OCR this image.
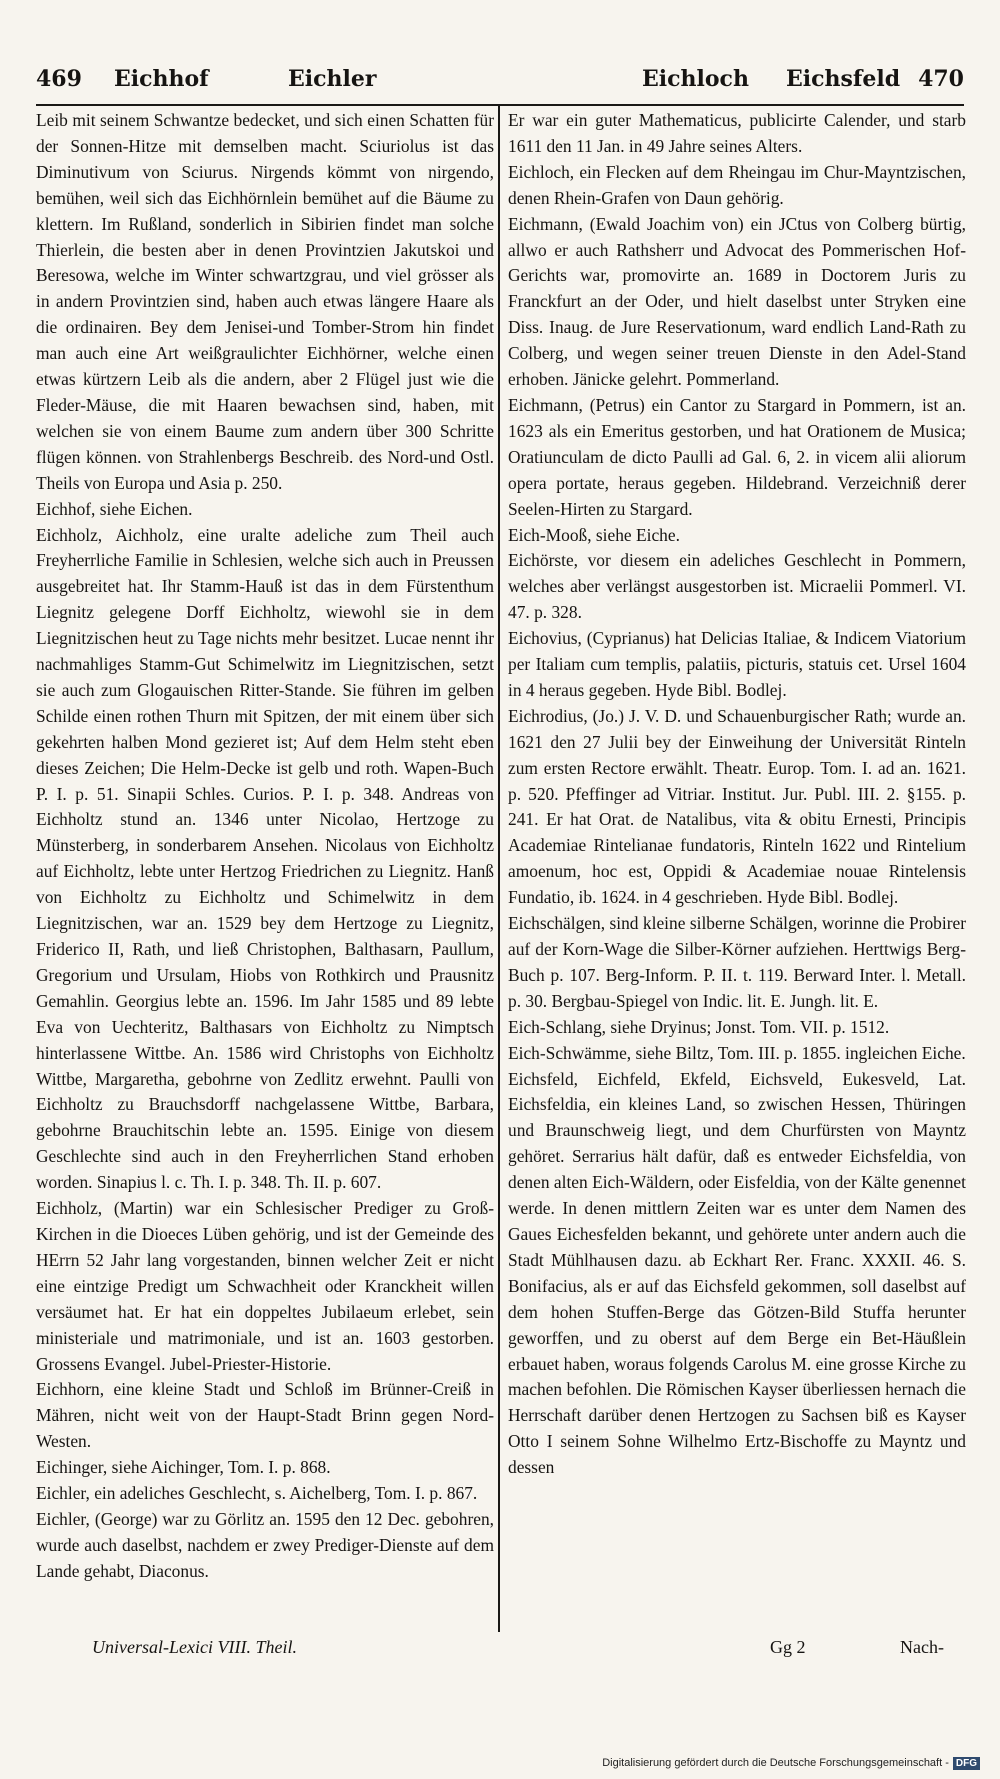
469 Eichhof	Eichler	Eichloch Eichsfeld 470

Leib mit seinem Schwantze bedecket, und sich einen Schatten für der Sonnen-Hitze mit demselben macht. Sciuriolus ist das Diminutivum von Sciurus. Nirgends kömmt von nirgendo, bemühen, weil sich das Eichhörnlein bemühet auf die Bäume zu klettern. Im Rußland, sonderlich in Sibirien findet man solche Thierlein, die besten aber in denen Provintzien Jakutskoi und Beresowa, welche im Winter schwartzgrau, und viel grösser als in andern Provintzien sind, haben auch etwas längere Haare als die ordinairen. Bey dem Jenisei-und Tomber-Strom hin findet man auch eine Art weißgraulichter Eichhörner, welche einen etwas kürtzern Leib als die andern, aber 2 Flügel just wie die Fleder-Mäuse, die mit Haaren bewachsen sind, haben, mit welchen sie von einem Baume zum andern über 300 Schritte flügen können. von Strahlenbergs Beschreib. des Nord-und Ostl. Theils von Europa und Asia p. 250.

Eichhof, siehe Eichen.

Eichholz, Aichholz, eine uralte adeliche zum Theil auch Freyherrliche Familie in Schlesien, welche sich auch in Preussen ausgebreitet hat. Ihr Stamm-Hauß ist das in dem Fürstenthum Liegnitz gelegene Dorff Eichholtz, wiewohl sie in dem Liegnitzischen heut zu Tage nichts mehr besitzet. Lucae nennt ihr nachmahliges Stamm-Gut Schimelwitz im Liegnitzischen, setzt sie auch zum Glogauischen Ritter-Stande. Sie führen im gelben Schilde einen rothen Thurn mit Spitzen, der mit einem über sich gekehrten halben Mond gezieret ist; Auf dem Helm steht eben dieses Zeichen; Die Helm-Decke ist gelb und roth. Wapen-Buch P. I. p. 51. Sinapii Schles. Curios. P. I. p. 348. Andreas von Eichholtz stund an. 1346 unter Nicolao, Hertzoge zu Münsterberg, in sonderbarem Ansehen. Nicolaus von Eichholtz auf Eichholtz, lebte unter Hertzog Friedrichen zu Liegnitz. Hanß von Eichholtz zu Eichholtz und Schimelwitz in dem Liegnitzischen, war an. 1529 bey dem Hertzoge zu Liegnitz, Friderico II, Rath, und ließ Christophen, Balthasarn, Paullum, Gregorium und Ursulam, Hiobs von Rothkirch und Prausnitz Gemahlin. Georgius lebte an. 1596. Im Jahr 1585 und 89 lebte Eva von Uechteritz, Balthasars von Eichholtz zu Nimptsch hinterlassene Wittbe. An. 1586 wird Christophs von Eichholtz Wittbe, Margaretha, gebohrne von Zedlitz erwehnt. Paulli von Eichholtz zu Brauchsdorff nachgelassene Wittbe, Barbara, gebohrne Brauchitschin lebte an. 1595. Einige von diesem Geschlechte sind auch in den Freyherrlichen Stand erhoben worden. Sinapius l. c. Th. I. p. 348. Th. II. p. 607.

Eichholz, (Martin) war ein Schlesischer Prediger zu Groß-Kirchen in die Dioeces Lüben gehörig, und ist der Gemeinde des HErrn 52 Jahr lang vorgestanden, binnen welcher Zeit er nicht eine eintzige Predigt um Schwachheit oder Kranckheit willen versäumet hat. Er hat ein doppeltes Jubilaeum erlebet, sein ministeriale und matrimoniale, und ist an. 1603 gestorben. Grossens Evangel. Jubel-Priester-Historie.

Eichhorn, eine kleine Stadt und Schloß im Brünner-Creiß in Mähren, nicht weit von der Haupt-Stadt Brinn gegen Nord-Westen.

Eichinger, siehe Aichinger, Tom. I. p. 868.

Eichler, ein adeliches Geschlecht, s. Aichelberg, Tom. I. p. 867.

Eichler, (George) war zu Görlitz an. 1595 den 12 Dec. gebohren, wurde auch daselbst, nachdem er zwey Prediger-Dienste auf dem Lande gehabt, Diaconus.

Er war ein guter Mathematicus, publicirte Calender, und starb 1611 den 11 Jan. in 49 Jahre seines Alters.

Eichloch, ein Flecken auf dem Rheingau im Chur-Mayntzischen, denen Rhein-Grafen von Daun gehörig.

Eichmann, (Ewald Joachim von) ein JCtus von Colberg bürtig, allwo er auch Rathsherr und Advocat des Pommerischen Hof-Gerichts war, promovirte an. 1689 in Doctorem Juris zu Franckfurt an der Oder, und hielt daselbst unter Stryken eine Diss. Inaug. de Jure Reservationum, ward endlich Land-Rath zu Colberg, und wegen seiner treuen Dienste in den Adel-Stand erhoben. Jänicke gelehrt. Pommerland.

Eichmann, (Petrus) ein Cantor zu Stargard in Pommern, ist an. 1623 als ein Emeritus gestorben, und hat Orationem de Musica; Oratiunculam de dicto Paulli ad Gal. 6, 2. in vicem alii aliorum opera portate, heraus gegeben. Hildebrand. Verzeichniß derer Seelen-Hirten zu Stargard.

Eich-Mooß, siehe Eiche.

Eichörste, vor diesem ein adeliches Geschlecht in Pommern, welches aber verlängst ausgestorben ist. Micraelii Pommerl. VI. 47. p. 328.

Eichovius, (Cyprianus) hat Delicias Italiae, & Indicem Viatorium per Italiam cum templis, palatiis, picturis, statuis cet. Ursel 1604 in 4 heraus gegeben. Hyde Bibl. Bodlej.

Eichrodius, (Jo.) J. V. D. und Schauenburgischer Rath; wurde an. 1621 den 27 Julii bey der Einweihung der Universität Rinteln zum ersten Rectore erwählt. Theatr. Europ. Tom. I. ad an. 1621. p. 520. Pfeffinger ad Vitriar. Institut. Jur. Publ. III. 2. §155. p. 241. Er hat Orat. de Natalibus, vita & obitu Ernesti, Principis Academiae Rintelianae fundatoris, Rinteln 1622 und Rintelium amoenum, hoc est, Oppidi & Academiae nouae Rintelensis Fundatio, ib. 1624. in 4 geschrieben. Hyde Bibl. Bodlej.

Eichschälgen, sind kleine silberne Schälgen, worinne die Probirer auf der Korn-Wage die Silber-Körner aufziehen. Herttwigs Berg-Buch p. 107. Berg-Inform. P. II. t. 119. Berward Inter. l. Metall. p. 30. Bergbau-Spiegel von Indic. lit. E. Jungh. lit. E.

Eich-Schlang, siehe Dryinus; Jonst. Tom. VII. p. 1512.

Eich-Schwämme, siehe Biltz, Tom. III. p. 1855. ingleichen Eiche.

Eichsfeld, Eichfeld, Ekfeld, Eichsveld, Eukesveld, Lat. Eichsfeldia, ein kleines Land, so zwischen Hessen, Thüringen und Braunschweig liegt, und dem Churfürsten von Mayntz gehöret. Serrarius hält dafür, daß es entweder Eichsfeldia, von denen alten Eich-Wäldern, oder Eisfeldia, von der Kälte genennet werde. In denen mittlern Zeiten war es unter dem Namen des Gaues Eichesfelden bekannt, und gehörete unter andern auch die Stadt Mühlhausen dazu. ab Eckhart Rer. Franc. XXXII. 46. S. Bonifacius, als er auf das Eichsfeld gekommen, soll daselbst auf dem hohen Stuffen-Berge das Götzen-Bild Stuffa herunter geworffen, und zu oberst auf dem Berge ein Bet-Häußlein erbauet haben, woraus folgends Carolus M. eine grosse Kirche zu machen befohlen. Die Römischen Kayser überliessen hernach die Herrschaft darüber denen Hertzogen zu Sachsen biß es Kayser Otto I seinem Sohne Wilhelmo Ertz-Bischoffe zu Mayntz und dessen

Universal-Lexici VIII. Theil.	Gg 2	Nach-
Digitalisierung gefördert durch die Deutsche Forschungsgemeinschaft - DFG
